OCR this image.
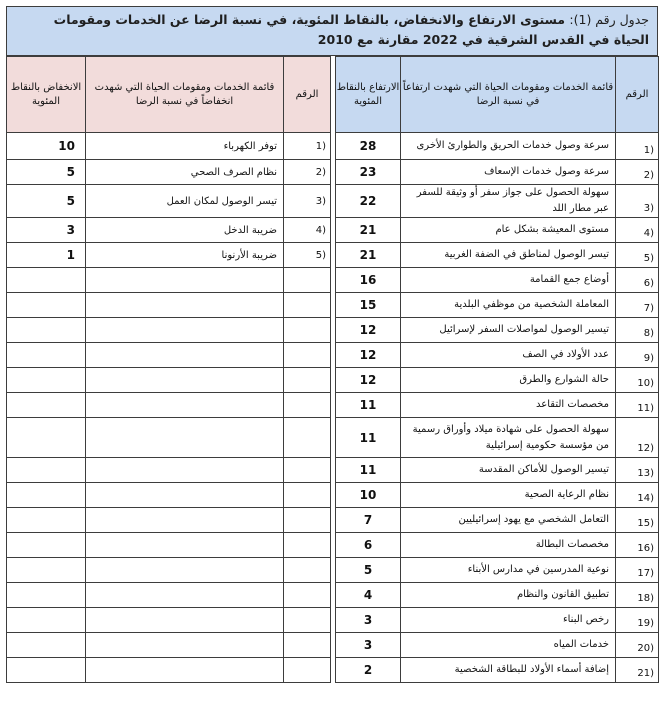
جدول رقم (1): مستوى الارتفاع والانخفاض، بالنقاط المئوية، في نسبة الرضا عن الخدمات ومقومات الحياة في القدس الشرقية في 2022 مقارنة مع 2010
الرقم	قائمة الخدمات ومقومات الحياة التي شهدت ارتفاعاً في نسبة الرضا	الارتفاع بالنقاط المئوية		الرقم	قائمة الخدمات ومقومات الحياة التي شهدت انخفاضاً في نسبة الرضا	الانخفاض بالنقاط المئوية
(1	سرعة وصول خدمات الحريق والطوارئ الأخرى	28		(1	توفر الكهرباء	10
(2	سرعة وصول خدمات الإسعاف	23		(2	نظام الصرف الصحي	5
(3	سهولة الحصول على جواز سفر أو وثيقة للسفر عبر مطار اللد	22		(3	تيسر الوصول لمكان العمل	5
(4	مستوى المعيشة بشكل عام	21		(4	ضريبة الدخل	3
(5	تيسر الوصول لمناطق في الضفة الغربية	21		(5	ضريبة الأرنونا	1
(6	أوضاع جمع القمامة	16				
(7	المعاملة الشخصية من موظفي البلدية	15				
(8	تيسير الوصول لمواصلات السفر لإسرائيل	12				
(9	عدد الأولاد في الصف	12				
(10	حالة الشوارع والطرق	12				
(11	مخصصات التقاعد	11				
(12	سهولة الحصول على شهادة ميلاد وأوراق رسمية من مؤسسة حكومية إسرائيلية	11				
(13	تيسير الوصول للأماكن المقدسة	11				
(14	نظام الرعاية الصحية	10				
(15	التعامل الشخصي مع يهود إسرائيليين	7				
(16	مخصصات البطالة	6				
(17	نوعية المدرسين في مدارس الأبناء	5				
(18	تطبيق القانون والنظام	4				
(19	رخص البناء	3				
(20	خدمات المياه	3				
(21	إضافة أسماء الأولاد للبطاقة الشخصية	2				
